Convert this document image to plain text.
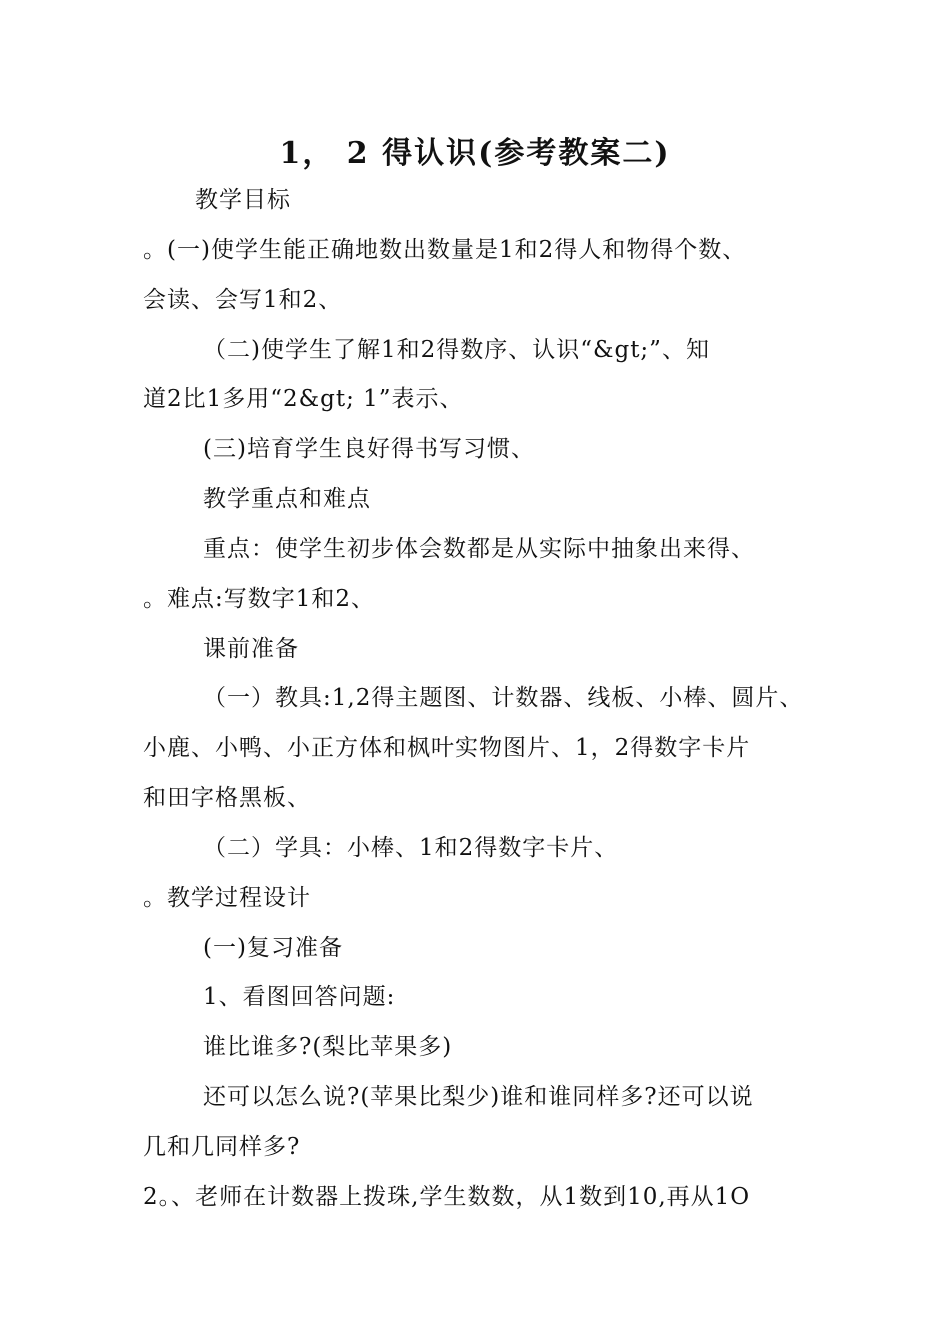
1， 2 得认识(参考教案二)
教学目标
。(一)使学生能正确地数出数量是1和2得人和物得个数、
会读、会写1和2、
（二)使学生了解1和2得数序、认识“&gt;”、知
道2比1多用“2&gt; 1”表示、
(三)培育学生良好得书写习惯、
教学重点和难点
重点：使学生初步体会数都是从实际中抽象出来得、
。难点:写数字1和2、
课前准备
（一）教具:1,2得主题图、计数器、线板、小棒、圆片、
小鹿、小鸭、小正方体和枫叶实物图片、1，2得数字卡片
和田字格黑板、
（二）学具：小棒、1和2得数字卡片、
。教学过程设计
(一)复习准备
1、看图回答问题:
谁比谁多?(梨比苹果多)
还可以怎么说?(苹果比梨少)谁和谁同样多?还可以说
几和几同样多?
2。、老师在计数器上拨珠,学生数数，从1数到10,再从1O
